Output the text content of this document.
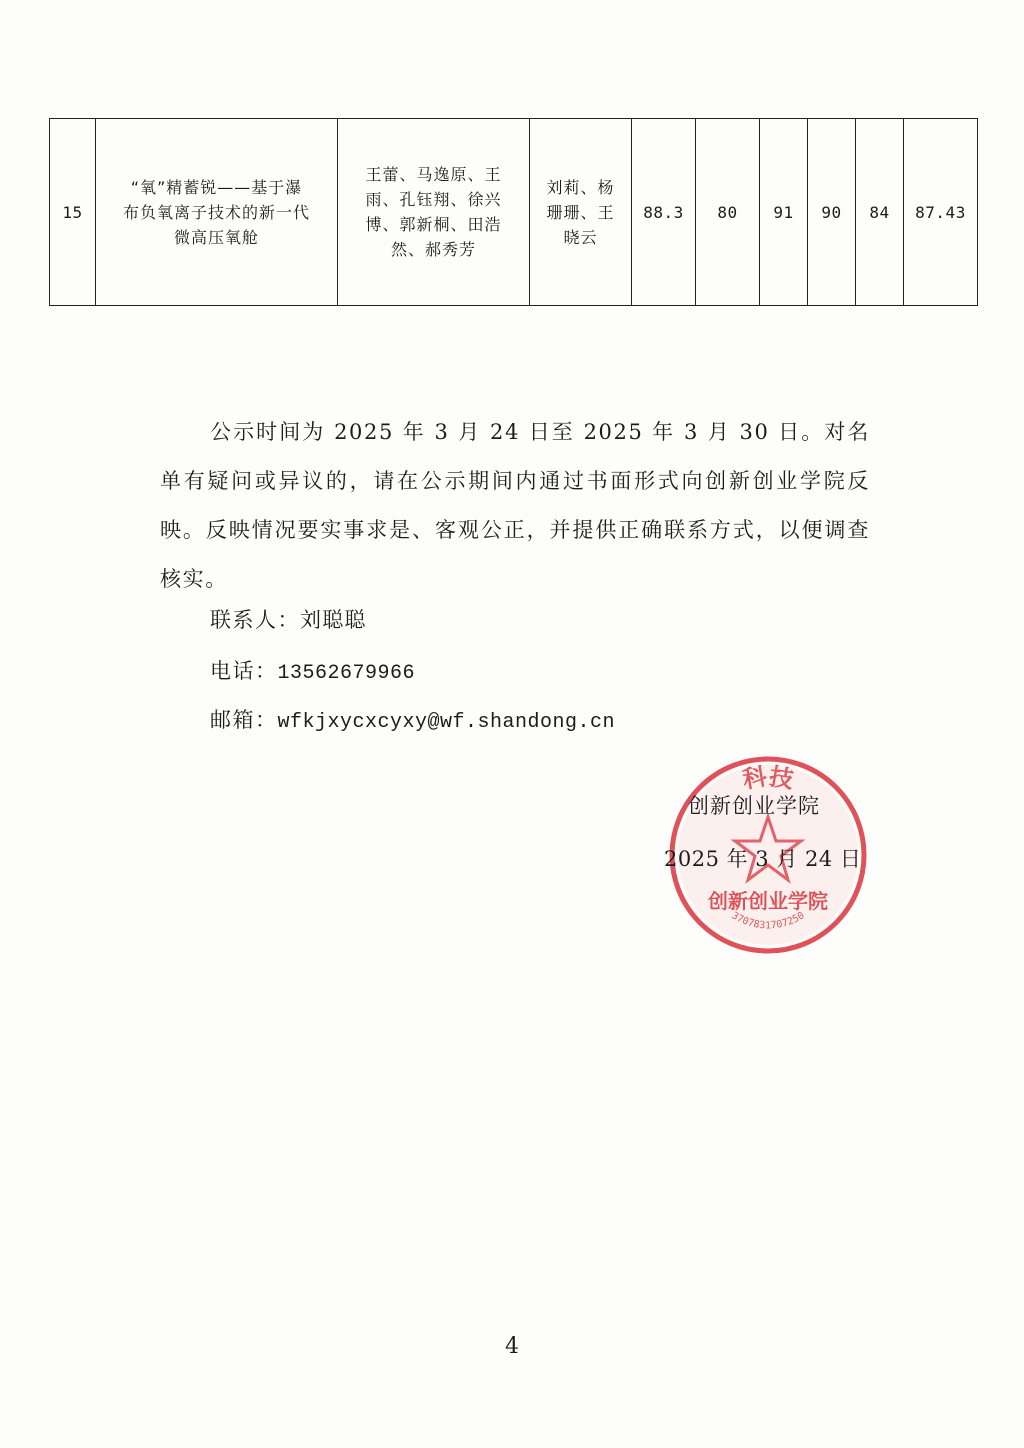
15	
“氧”精蓄锐——基于瀑
布负氧离子技术的新一代
微高压氧舱

王蕾、马逸原、王
雨、孔钰翔、徐兴
博、郭新桐、田浩
然、郝秀芳

刘莉、杨
珊珊、王
晓云
	88.3	80	91	90	84	87.43

公示时间为 2025 年 3 月 24 日至 2025 年 3 月 30 日。对名单有疑问或异议的，请在公示期间内通过书面形式向创新创业学院反映。反映情况要实事求是、客观公正，并提供正确联系方式，以便调查核实。

联系人：刘聪聪
电话：13562679966
邮箱：wfkjxycxcyxy@wf.shandong.cn
科技
创新创业学院
3707831707250
创新创业学院
2025 年 3 月 24 日
4
